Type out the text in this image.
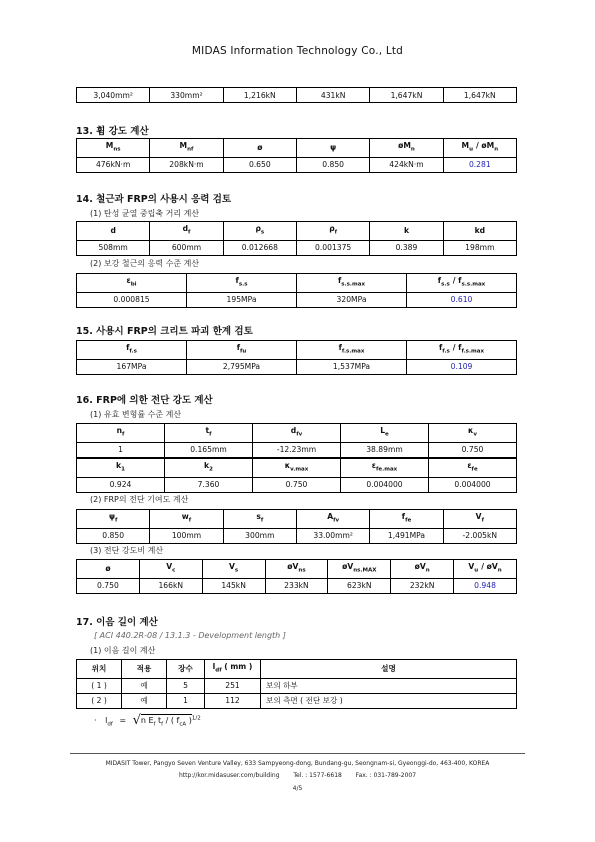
MIDAS Information Technology Co., Ltd
3,040mm²	330mm²	1,216kN	431kN	1,647kN	1,647kN
13. 휨 강도 계산
$M_{ns}$	$M_{nf}$	ø	ψ	$øM_n$	$M_u$ / $øM_n$
476kN·m	208kN·m	0.650	0.850	424kN·m	0.281
14. 철근과 FRP의 사용시 응력 검토
(1) 탄성 균열 중립축 거리 계산
d	$d_f$	$\rho_s$	$\rho_f$	k	kd
508mm	600mm	0.012668	0.001375	0.389	198mm
(2) 보강 철근의 응력 수준 계산
$\varepsilon_{bi}$	$f_{s.s}$	$f_{s.s.max}$	$f_{s.s} / f_{s.s.max}$
0.000815	195MPa	320MPa	0.610
15. 사용시 FRP의 크리트 파괴 한계 검토
$f_{f.s}$	$f_{fu}$	$f_{f.s.max}$	$f_{f.s} / f_{f.s.max}$
167MPa	2,795MPa	1,537MPa	0.109
16. FRP에 의한 전단 강도 계산
(1) 유효 변형률 수준 계산
$n_f$	$t_f$	$d_{fv}$	$L_e$	$\kappa_v$
1	0.165mm	-12.23mm	38.89mm	0.750
$k_1$	$k_2$	$\kappa_{v.max}$	$\varepsilon_{fe.max}$	$\varepsilon_{fe}$
0.924	7.360	0.750	0.004000	0.004000
(2) FRP의 전단 기여도 계산
$\psi_f$	$w_f$	$s_f$	$A_{fv}$	$f_{fe}$	$V_f$
0.850	100mm	300mm	33.00mm²	1,491MPa	-2.005kN
(3) 전단 강도비 계산
ø	$V_c$	$V_s$	$øV_{ns}$	$øV_{ns.MAX}$	$øV_n$	$V_u$ / $øV_n$
0.750	166kN	145kN	233kN	623kN	232kN	0.948
17. 이음 길이 계산
[ ACI 440.2R-08 / 13.1.3 - Development length ]
(1) 이음 길이 계산
위치	적용	장수	$l_{df}$ ( mm )	설명
( 1 )	예	5	251	보의 하부
( 2 )	예	1	112	보의 측면 ( 전단 보강 )
· $l_{df} = √n$ $E_f$ $t_f$ / ( $f_{cA}$ )$^{1/2}$
MIDASIT Tower, Pangyo Seven Venture Valley, 633 Sampyeong-dong, Bundang-gu, Seongnam-si, Gyeonggi-do, 463-400, KOREA
http://kor.midasuser.com/building Tel. : 1577-6618 Fax. : 031-789-2007
4/5
